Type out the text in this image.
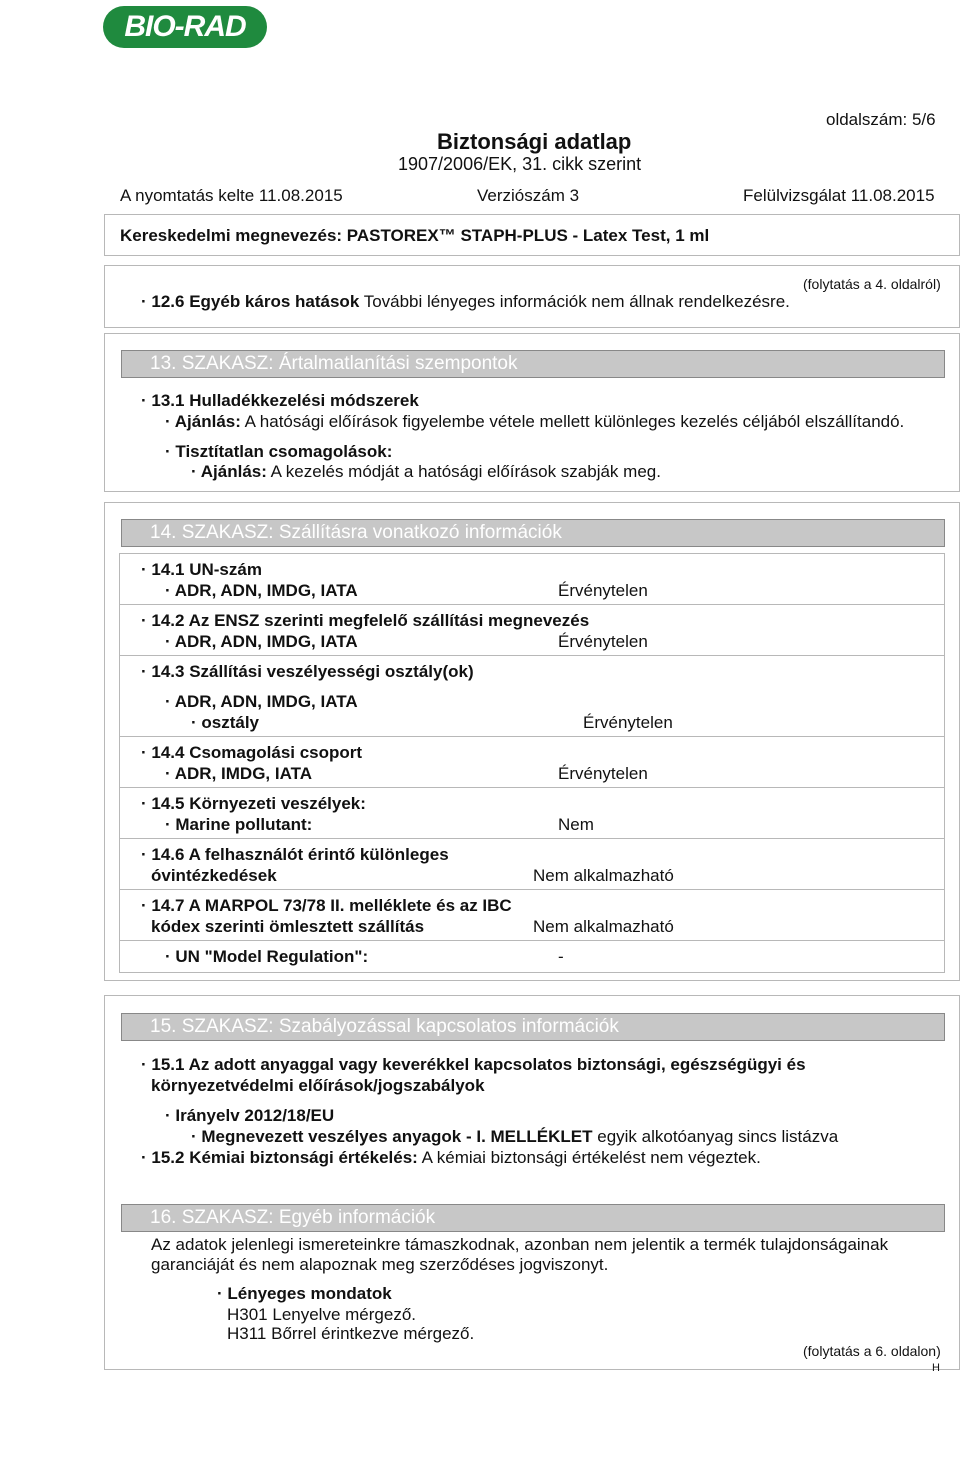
BIO-RAD
oldalszám: 5/6
Biztonsági adatlap
1907/2006/EK, 31. cikk szerint
A nyomtatás kelte 11.08.2015	Verziószám 3	Felülvizsgálat 11.08.2015
Kereskedelmi megnevezés: PASTOREX™ STAPH-PLUS - Latex Test, 1 ml
(folytatás a 4. oldalról)
· 12.6 Egyéb káros hatások További lényeges információk nem állnak rendelkezésre.
13. SZAKASZ: Ártalmatlanítási szempontok
· 13.1 Hulladékkezelési módszerek
· Ajánlás: A hatósági előírások figyelembe vétele mellett különleges kezelés céljából elszállítandó.
· Tisztítatlan csomagolások:
· Ajánlás: A kezelés módját a hatósági előírások szabják meg.
14. SZAKASZ: Szállításra vonatkozó információk
· 14.1 UN-szám
· ADR, ADN, IMDG, IATA	Érvénytelen
· 14.2 Az ENSZ szerinti megfelelő szállítási megnevezés
· ADR, ADN, IMDG, IATA	Érvénytelen
· 14.3 Szállítási veszélyességi osztály(ok)
· ADR, ADN, IMDG, IATA
· osztály	Érvénytelen
· 14.4 Csomagolási csoport
· ADR, IMDG, IATA	Érvénytelen
· 14.5 Környezeti veszélyek:
· Marine pollutant:	Nem
· 14.6 A felhasználót érintő különleges
óvintézkedések	Nem alkalmazható
· 14.7 A MARPOL 73/78 II. melléklete és az IBC
kódex szerinti ömlesztett szállítás	Nem alkalmazható
· UN "Model Regulation":	-
15. SZAKASZ: Szabályozással kapcsolatos információk
· 15.1 Az adott anyaggal vagy keverékkel kapcsolatos biztonsági, egészségügyi és
környezetvédelmi előírások/jogszabályok
· Irányelv 2012/18/EU
· Megnevezett veszélyes anyagok - I. MELLÉKLET egyik alkotóanyag sincs listázva
· 15.2 Kémiai biztonsági értékelés: A kémiai biztonsági értékelést nem végeztek.
16. SZAKASZ: Egyéb információk
Az adatok jelenlegi ismereteinkre támaszkodnak, azonban nem jelentik a termék tulajdonságainak
garanciáját és nem alapoznak meg szerződéses jogviszonyt.
· Lényeges mondatok
H301 Lenyelve mérgező.
H311 Bőrrel érintkezve mérgező.
(folytatás a 6. oldalon)
H
